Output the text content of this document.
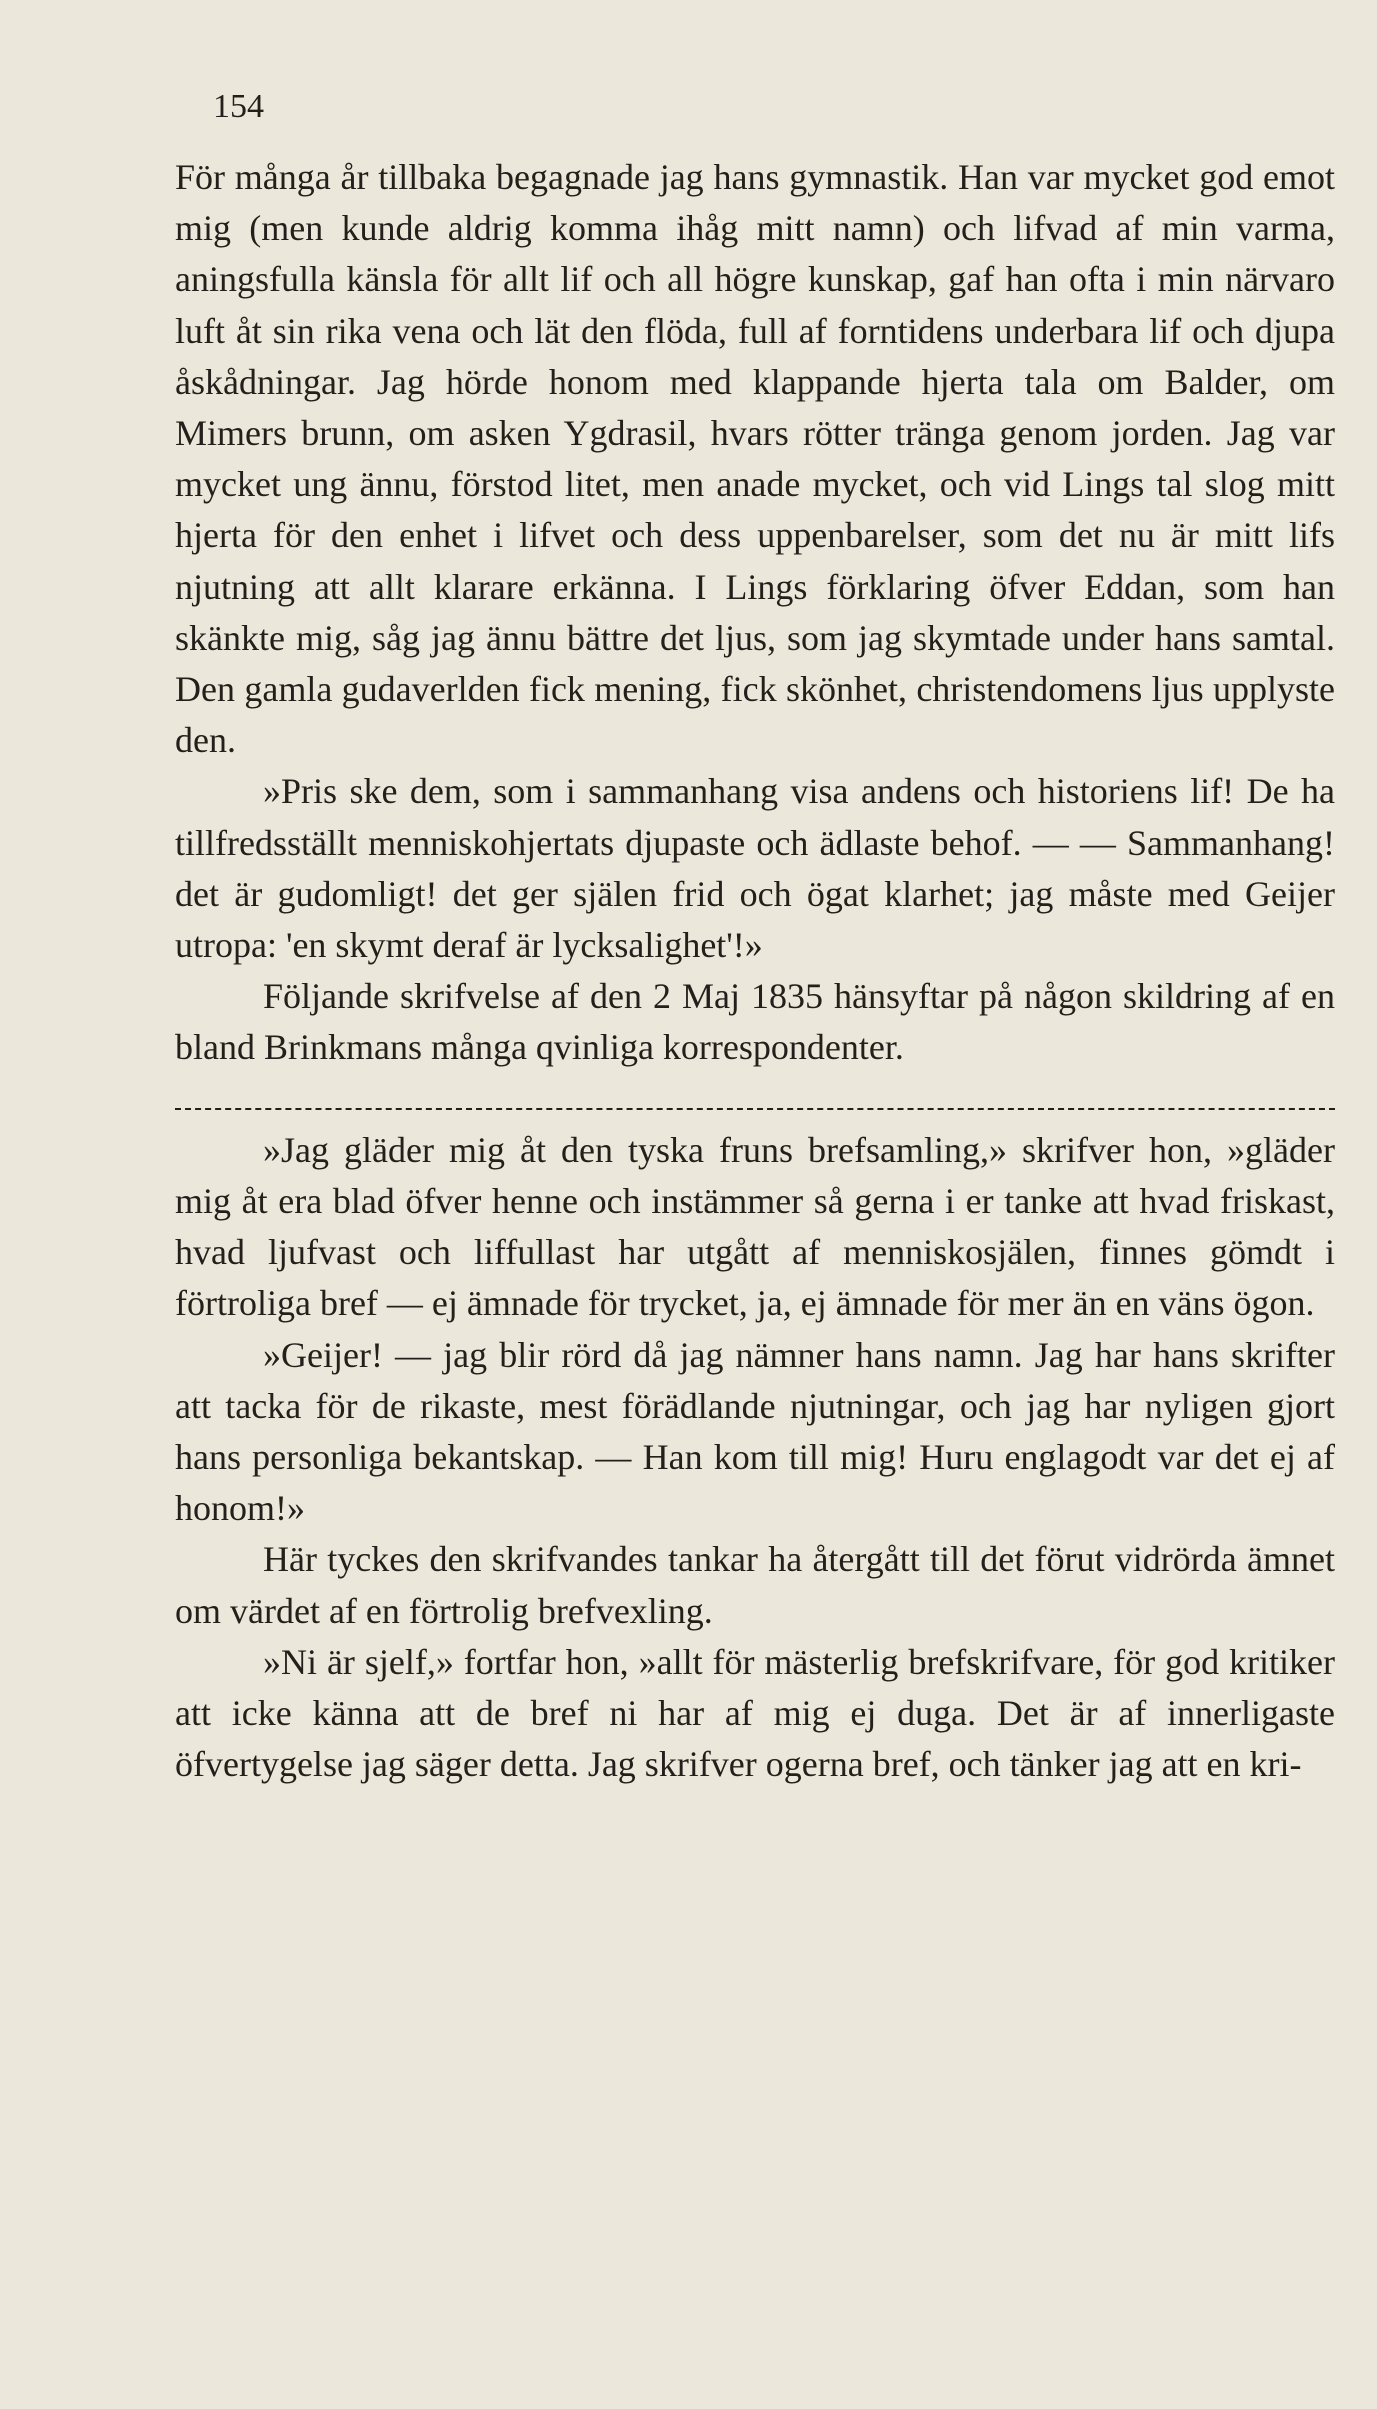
154

För många år tillbaka begagnade jag hans gymnastik. Han var mycket god emot mig (men kunde aldrig komma ihåg mitt namn) och lifvad af min varma, aningsfulla känsla för allt lif och all högre kunskap, gaf han ofta i min närvaro luft åt sin rika vena och lät den flöda, full af forntidens underbara lif och djupa åskådningar. Jag hörde honom med klappande hjerta tala om Balder, om Mimers brunn, om asken Ygdrasil, hvars rötter tränga genom jorden. Jag var mycket ung ännu, förstod litet, men anade mycket, och vid Lings tal slog mitt hjerta för den enhet i lifvet och dess uppenbarelser, som det nu är mitt lifs njutning att allt klarare erkänna. I Lings förklaring öfver Eddan, som han skänkte mig, såg jag ännu bättre det ljus, som jag skymtade under hans samtal. Den gamla gudaverlden fick mening, fick skönhet, christendomens ljus upplyste den.

»Pris ske dem, som i sammanhang visa andens och historiens lif! De ha tillfredsställt menniskohjertats djupaste och ädlaste behof. — — Sammanhang! det är gudomligt! det ger själen frid och ögat klarhet; jag måste med Geijer utropa: 'en skymt deraf är lycksalighet'!»

Följande skrifvelse af den 2 Maj 1835 hänsyftar på någon skildring af en bland Brinkmans många qvinliga korrespondenter.

»Jag gläder mig åt den tyska fruns brefsamling,» skrifver hon, »gläder mig åt era blad öfver henne och instämmer så gerna i er tanke att hvad friskast, hvad ljufvast och liffullast har utgått af menniskosjälen, finnes gömdt i förtroliga bref — ej ämnade för trycket, ja, ej ämnade för mer än en väns ögon.

»Geijer! — jag blir rörd då jag nämner hans namn. Jag har hans skrifter att tacka för de rikaste, mest förädlande njutningar, och jag har nyligen gjort hans personliga bekantskap. — Han kom till mig! Huru englagodt var det ej af honom!»

Här tyckes den skrifvandes tankar ha återgått till det förut vidrörda ämnet om värdet af en förtrolig brefvexling.

»Ni är sjelf,» fortfar hon, »allt för mästerlig brefskrifvare, för god kritiker att icke känna att de bref ni har af mig ej duga. Det är af innerligaste öfvertygelse jag säger detta. Jag skrifver ogerna bref, och tänker jag att en kri-
